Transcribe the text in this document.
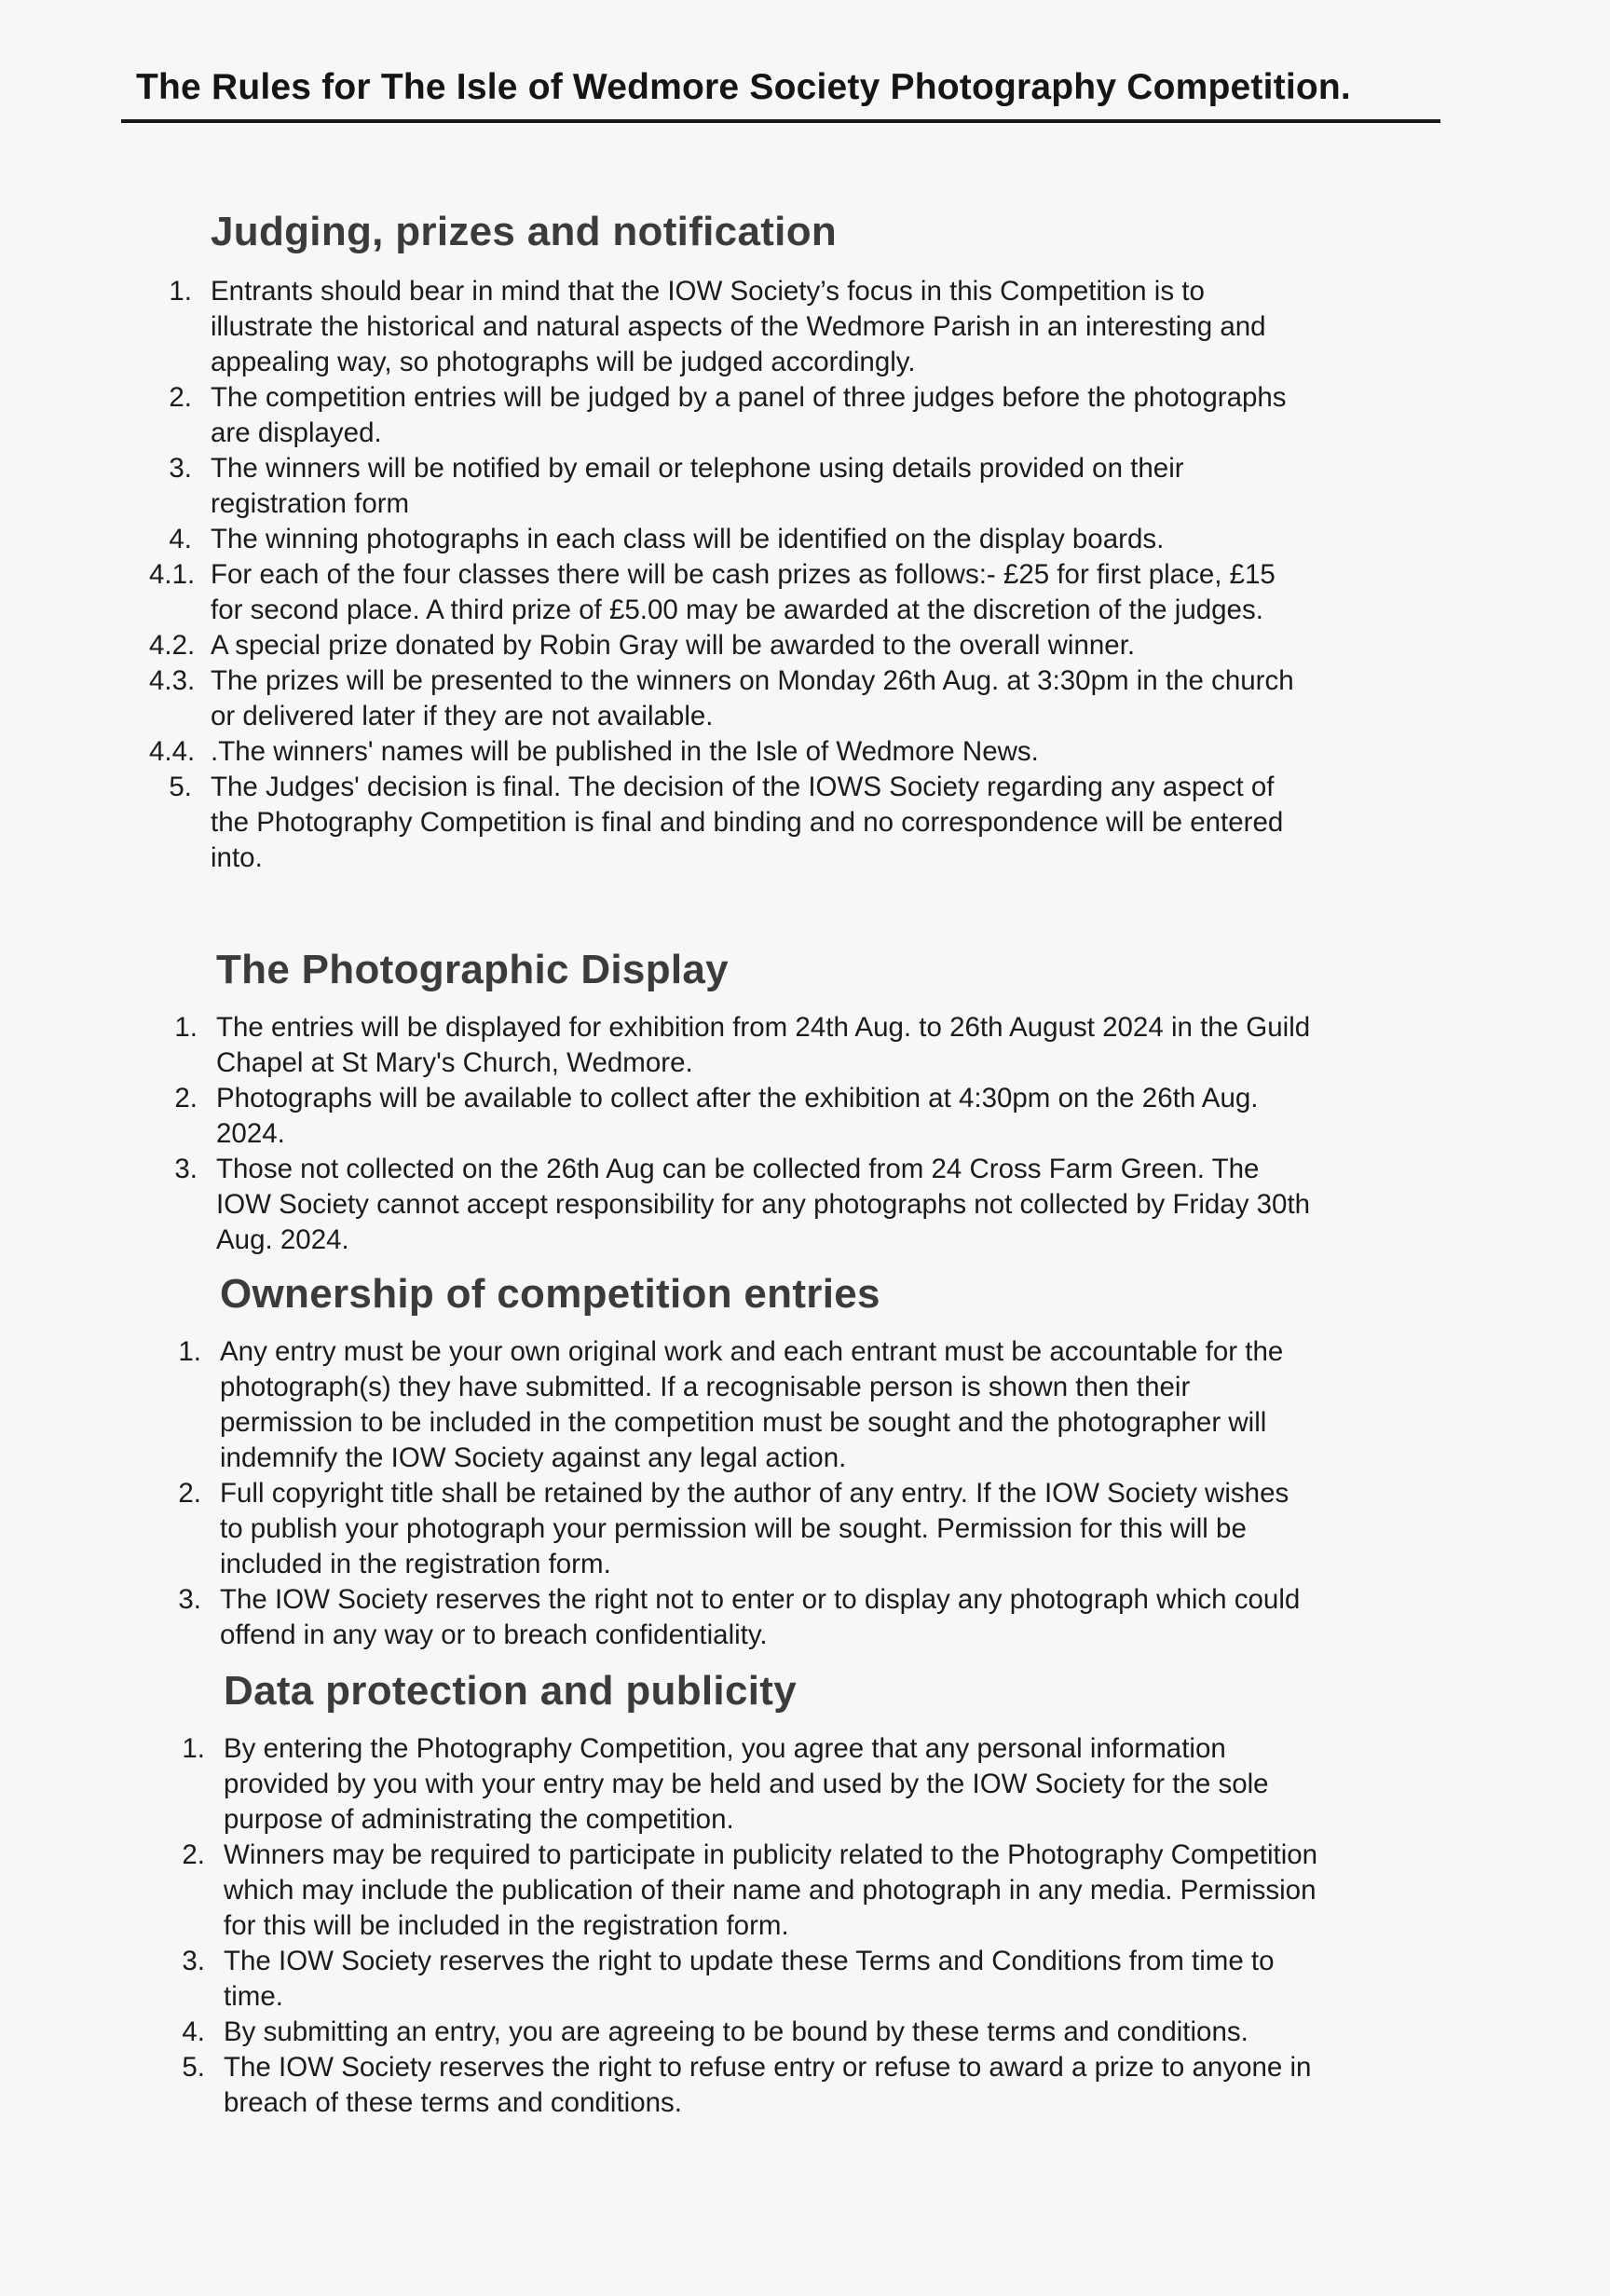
The Rules for The Isle of Wedmore Society Photography Competition.
Judging, prizes and notification
1. Entrants should bear in mind that the IOW Society’s focus in this Competition is to illustrate the historical and natural aspects of the Wedmore Parish in an interesting and appealing way, so photographs will be judged accordingly.
2. The competition entries will be judged by a panel of three judges before the photographs are displayed.
3. The winners will be notified by email or telephone using details provided on their registration form
4. The winning photographs in each class will be identified on the display boards.
4.1. For each of the four classes there will be cash prizes as follows:- £25 for first place, £15 for second place. A third prize of £5.00 may be awarded at the discretion of the judges.
4.2. A special prize donated by Robin Gray will be awarded to the overall winner.
4.3. The prizes will be presented to the winners on Monday 26th Aug. at 3:30pm in the church or delivered later if they are not available.
4.4. .The winners' names will be published in the Isle of Wedmore News.
5. The Judges' decision is final. The decision of the IOWS Society regarding any aspect of the Photography Competition is final and binding and no correspondence will be entered into.
The Photographic Display
1. The entries will be displayed for exhibition from 24th Aug. to 26th August 2024 in the Guild Chapel at St Mary's Church, Wedmore.
2. Photographs will be available to collect after the exhibition at 4:30pm on the 26th Aug. 2024.
3. Those not collected on the 26th Aug can be collected from 24 Cross Farm Green. The IOW Society cannot accept responsibility for any photographs not collected by Friday 30th Aug. 2024.
Ownership of competition entries
1. Any entry must be your own original work and each entrant must be accountable for the photograph(s) they have submitted. If a recognisable person is shown then their permission to be included in the competition must be sought and the photographer will indemnify the IOW Society against any legal action.
2. Full copyright title shall be retained by the author of any entry. If the IOW Society wishes to publish your photograph your permission will be sought. Permission for this will be included in the registration form.
3. The IOW Society reserves the right not to enter or to display any photograph which could offend in any way or to breach confidentiality.
Data protection and publicity
1. By entering the Photography Competition, you agree that any personal information provided by you with your entry may be held and used by the IOW Society for the sole purpose of administrating the competition.
2. Winners may be required to participate in publicity related to the Photography Competition which may include the publication of their name and photograph in any media. Permission for this will be included in the registration form.
3. The IOW Society reserves the right to update these Terms and Conditions from time to time.
4. By submitting an entry, you are agreeing to be bound by these terms and conditions.
5. The IOW Society reserves the right to refuse entry or refuse to award a prize to anyone in breach of these terms and conditions.
